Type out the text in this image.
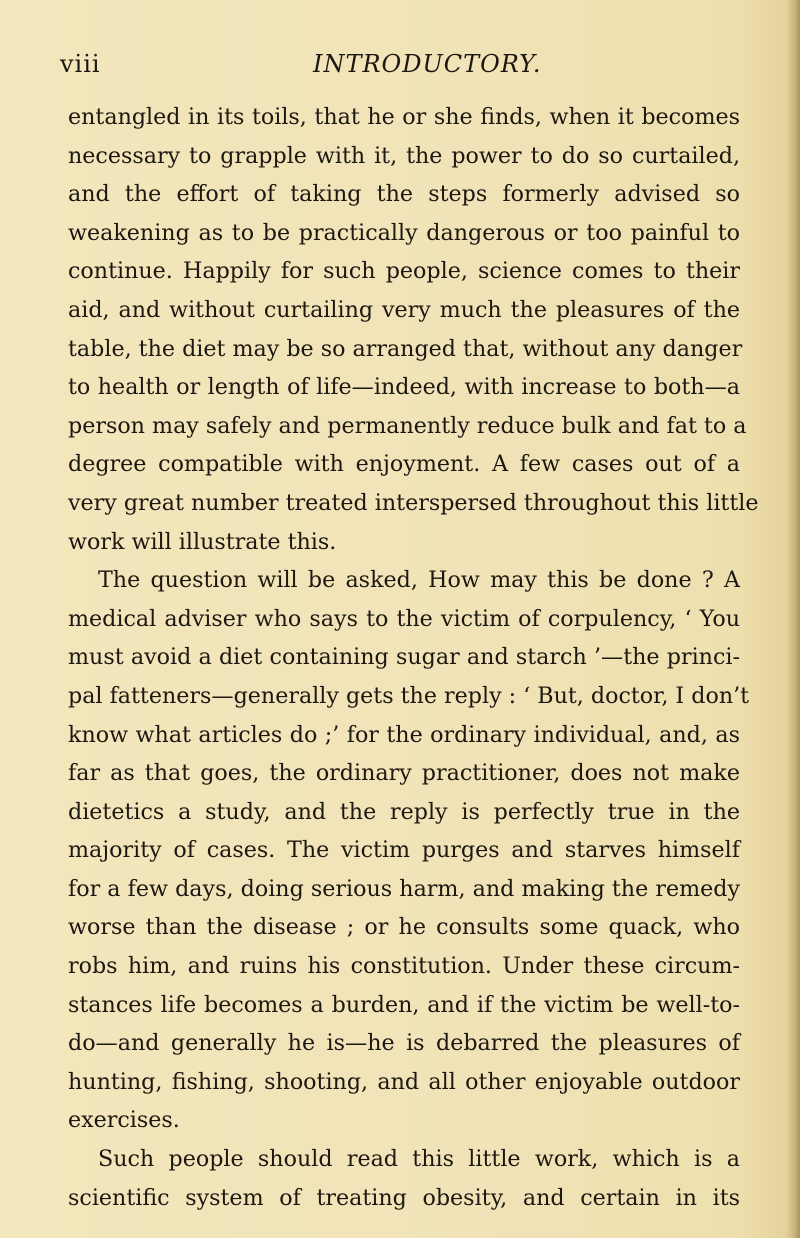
viii	INTRODUCTORY.
entangled in its toils, that he or she finds, when it becomes
necessary to grapple with it, the power to do so curtailed,
and the effort of taking the steps formerly advised so
weakening as to be practically dangerous or too painful to
continue. Happily for such people, science comes to their
aid, and without curtailing very much the pleasures of the
table, the diet may be so arranged that, without any danger
to health or length of life—indeed, with increase to both—a
person may safely and permanently reduce bulk and fat to a
degree compatible with enjoyment. A few cases out of a
very great number treated interspersed throughout this little
work will illustrate this.
The question will be asked, How may this be done ? A
medical adviser who says to the victim of corpulency, ‘ You
must avoid a diet containing sugar and starch ’—the princi-
pal fatteners—generally gets the reply : ‘ But, doctor, I don’t
know what articles do ;’ for the ordinary individual, and, as
far as that goes, the ordinary practitioner, does not make
dietetics a study, and the reply is perfectly true in the
majority of cases. The victim purges and starves himself
for a few days, doing serious harm, and making the remedy
worse than the disease ; or he consults some quack, who
robs him, and ruins his constitution. Under these circum-
stances life becomes a burden, and if the victim be well-to-
do—and generally he is—he is debarred the pleasures of
hunting, fishing, shooting, and all other enjoyable outdoor
exercises.
Such people should read this little work, which is a
scientific system of treating obesity, and certain in its
